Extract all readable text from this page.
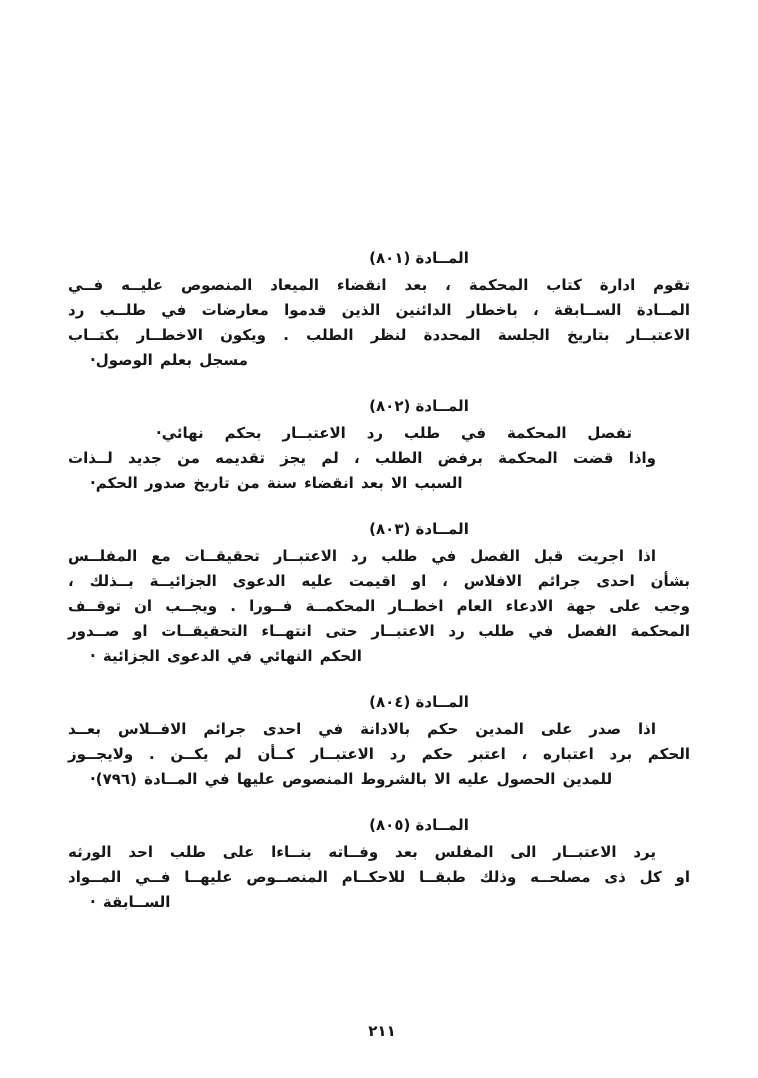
المــادة (٨٠١)
تقوم ادارة كتاب المحكمة ، بعد انقضاء الميعاد المنصوص عليــه فــي
المــادة الســابقة ، باخطار الدائنين الذين قدموا معارضات في طلــب رد
الاعتبــار بتاريخ الجلسة المحددة لنظر الطلب . ويكون الاخطــار بكتــاب
مسجل بعلم الوصول·
المــادة (٨٠٢)
تفصل المحكمة في طلب رد الاعتبــار بحكم نهائي·
واذا قضت المحكمة برفض الطلب ، لم يجز تقديمه من جديد لــذات
السبب الا بعد انقضاء سنة من تاريخ صدور الحكم·
المــادة (٨٠٣)
اذا اجريت قبل الفصل في طلب رد الاعتبــار تحقيقــات مع المفلــس
بشأن احدى جرائم الافلاس ، او اقيمت عليه الدعوى الجزائيــة بــذلك ،
وجب على جهة الادعاء العام اخطــار المحكمــة فــورا . ويجــب ان توقــف
المحكمة الفصل في طلب رد الاعتبــار حتى انتهــاء التحقيقــات او صــدور
الحكم النهائي في الدعوى الجزائية ·
المــادة (٨٠٤)
اذا صدر على المدين حكم بالادانة في احدى جرائم الافــلاس بعــد
الحكم برد اعتباره ، اعتبر حكم رد الاعتبــار كــأن لم يكــن . ولايجــوز
للمدين الحصول عليه الا بالشروط المنصوص عليها في المــادة (٧٩٦)·
المــادة (٨٠٥)
يرد الاعتبــار الى المفلس بعد وفــاته بنــاءا على طلب احد الورثه
او كل ذى مصلحــه وذلك طبقــا للاحكــام المنصــوص عليهــا فــي المــواد
الســابقة ·
٢١١
